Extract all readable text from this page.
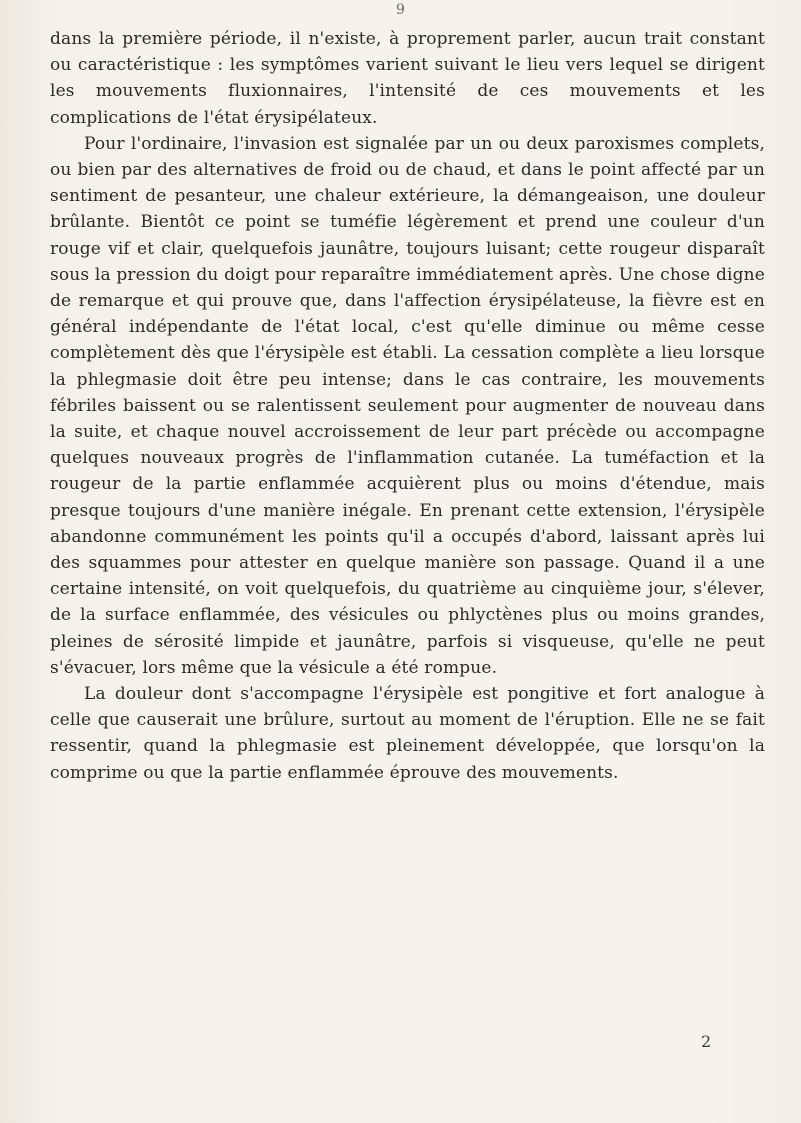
9

dans la première période, il n'existe, à proprement parler, aucun trait constant ou caractéristique : les symptômes varient suivant le lieu vers lequel se dirigent les mouvements fluxionnaires, l'intensité de ces mouvements et les complications de l'état érysipélateux.

Pour l'ordinaire, l'invasion est signalée par un ou deux paroxismes complets, ou bien par des alternatives de froid ou de chaud, et dans le point affecté par un sentiment de pesanteur, une chaleur extérieure, la démangeaison, une douleur brûlante. Bientôt ce point se tuméfie légèrement et prend une couleur d'un rouge vif et clair, quelquefois jaunâtre, toujours luisant; cette rougeur disparaît sous la pression du doigt pour reparaître immédiatement après. Une chose digne de remarque et qui prouve que, dans l'affection érysipélateuse, la fièvre est en général indépendante de l'état local, c'est qu'elle diminue ou même cesse complètement dès que l'érysipèle est établi. La cessation complète a lieu lorsque la phlegmasie doit être peu intense; dans le cas contraire, les mouvements fébriles baissent ou se ralentissent seulement pour augmenter de nouveau dans la suite, et chaque nouvel accroissement de leur part précède ou accompagne quelques nouveaux progrès de l'inflammation cutanée. La tuméfaction et la rougeur de la partie enflammée acquièrent plus ou moins d'étendue, mais presque toujours d'une manière inégale. En prenant cette extension, l'érysipèle abandonne communément les points qu'il a occupés d'abord, laissant après lui des squammes pour attester en quelque manière son passage. Quand il a une certaine intensité, on voit quelquefois, du quatrième au cinquième jour, s'élever, de la surface enflammée, des vésicules ou phlyctènes plus ou moins grandes, pleines de sérosité limpide et jaunâtre, parfois si visqueuse, qu'elle ne peut s'évacuer, lors même que la vésicule a été rompue.

La douleur dont s'accompagne l'érysipèle est pongitive et fort analogue à celle que causerait une brûlure, surtout au moment de l'éruption. Elle ne se fait ressentir, quand la phlegmasie est pleinement développée, que lorsqu'on la comprime ou que la partie enflammée éprouve des mouvements.

2
